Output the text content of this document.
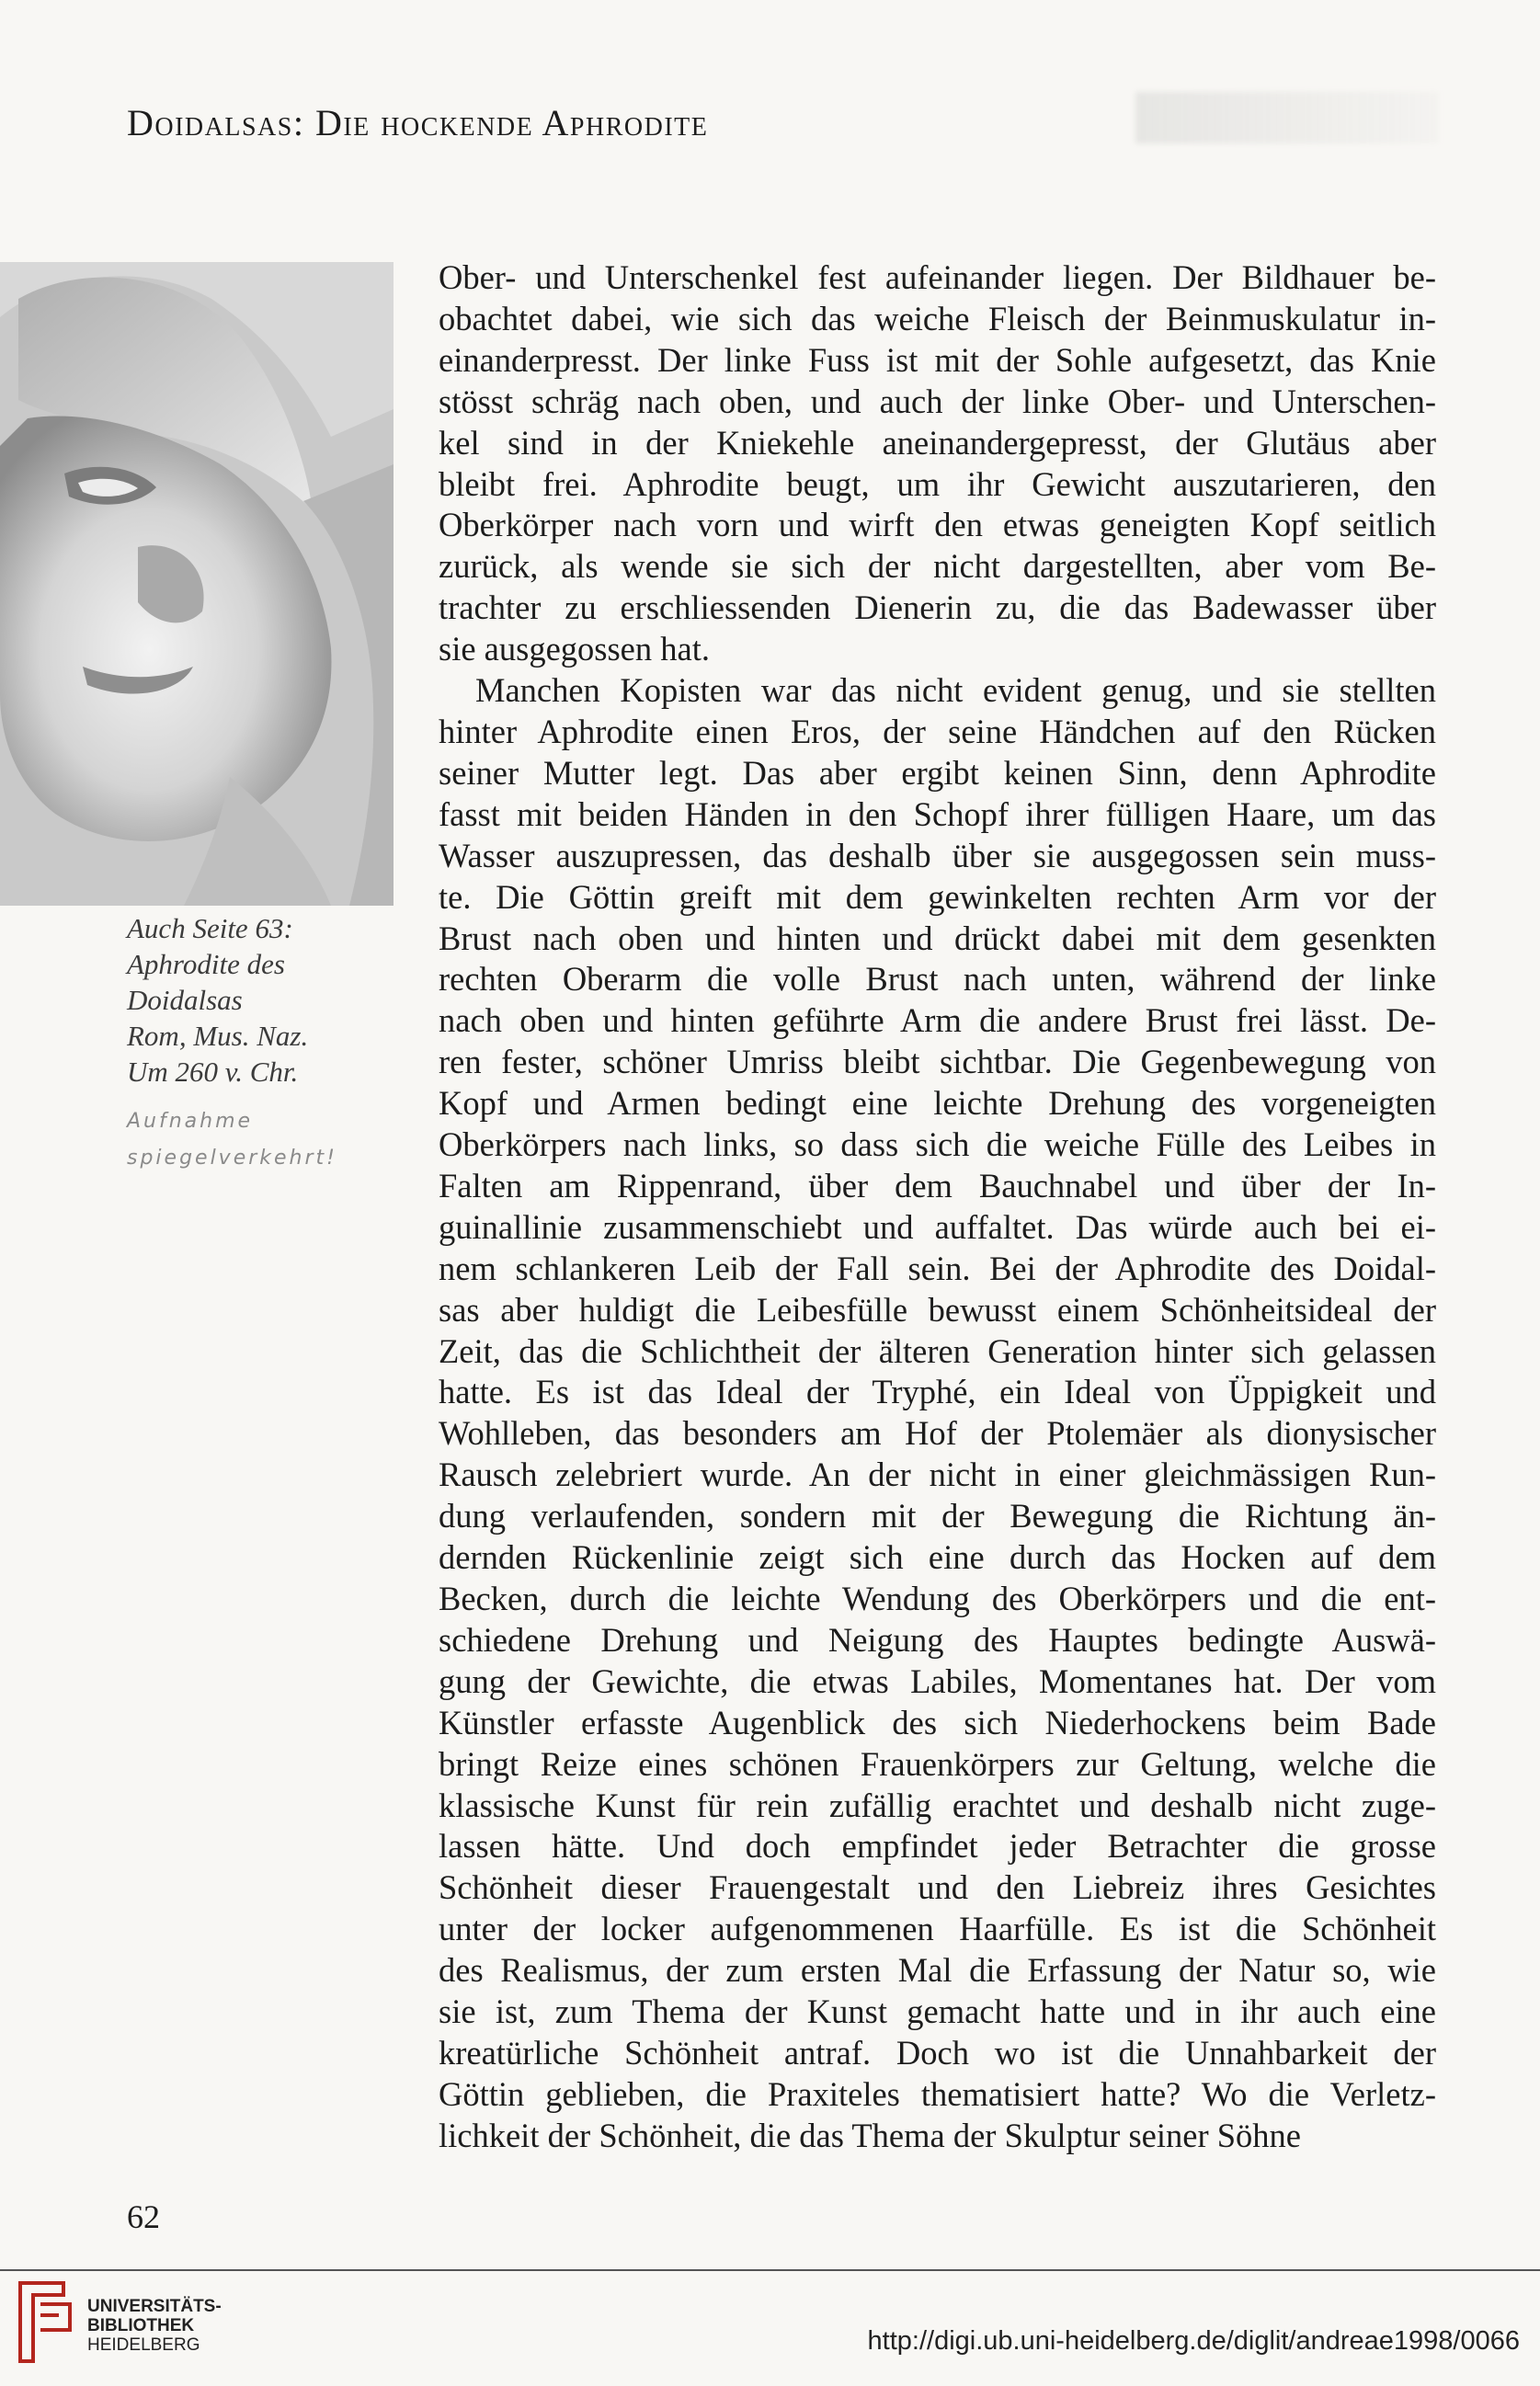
Doidalsas: Die hockende Aphrodite
Auch Seite 63:
Aphrodite des
Doidalsas
Rom, Mus. Naz.
Um 260 v. Chr.
Aufnahme
spiegelverkehrt!
Ober- und Unterschenkel fest aufeinander liegen. Der Bildhauer be-
obachtet dabei, wie sich das weiche Fleisch der Beinmuskulatur in-
einanderpresst. Der linke Fuss ist mit der Sohle aufgesetzt, das Knie
stösst schräg nach oben, und auch der linke Ober- und Unterschen-
kel sind in der Kniekehle aneinandergepresst, der Glutäus aber
bleibt frei. Aphrodite beugt, um ihr Gewicht auszutarieren, den
Oberkörper nach vorn und wirft den etwas geneigten Kopf seitlich
zurück, als wende sie sich der nicht dargestellten, aber vom Be-
trachter zu erschliessenden Dienerin zu, die das Badewasser über
sie ausgegossen hat.
Manchen Kopisten war das nicht evident genug, und sie stellten
hinter Aphrodite einen Eros, der seine Händchen auf den Rücken
seiner Mutter legt. Das aber ergibt keinen Sinn, denn Aphrodite
fasst mit beiden Händen in den Schopf ihrer fülligen Haare, um das
Wasser auszupressen, das deshalb über sie ausgegossen sein muss-
te. Die Göttin greift mit dem gewinkelten rechten Arm vor der
Brust nach oben und hinten und drückt dabei mit dem gesenkten
rechten Oberarm die volle Brust nach unten, während der linke
nach oben und hinten geführte Arm die andere Brust frei lässt. De-
ren fester, schöner Umriss bleibt sichtbar. Die Gegenbewegung von
Kopf und Armen bedingt eine leichte Drehung des vorgeneigten
Oberkörpers nach links, so dass sich die weiche Fülle des Leibes in
Falten am Rippenrand, über dem Bauchnabel und über der In-
guinallinie zusammenschiebt und auffaltet. Das würde auch bei ei-
nem schlankeren Leib der Fall sein. Bei der Aphrodite des Doidal-
sas aber huldigt die Leibesfülle bewusst einem Schönheitsideal der
Zeit, das die Schlichtheit der älteren Generation hinter sich gelassen
hatte. Es ist das Ideal der Tryphé, ein Ideal von Üppigkeit und
Wohlleben, das besonders am Hof der Ptolemäer als dionysischer
Rausch zelebriert wurde. An der nicht in einer gleichmässigen Run-
dung verlaufenden, sondern mit der Bewegung die Richtung än-
dernden Rückenlinie zeigt sich eine durch das Hocken auf dem
Becken, durch die leichte Wendung des Oberkörpers und die ent-
schiedene Drehung und Neigung des Hauptes bedingte Auswä-
gung der Gewichte, die etwas Labiles, Momentanes hat. Der vom
Künstler erfasste Augenblick des sich Niederhockens beim Bade
bringt Reize eines schönen Frauenkörpers zur Geltung, welche die
klassische Kunst für rein zufällig erachtet und deshalb nicht zuge-
lassen hätte. Und doch empfindet jeder Betrachter die grosse
Schönheit dieser Frauengestalt und den Liebreiz ihres Gesichtes
unter der locker aufgenommenen Haarfülle. Es ist die Schönheit
des Realismus, der zum ersten Mal die Erfassung der Natur so, wie
sie ist, zum Thema der Kunst gemacht hatte und in ihr auch eine
kreatürliche Schönheit antraf. Doch wo ist die Unnahbarkeit der
Göttin geblieben, die Praxiteles thematisiert hatte? Wo die Verletz-
lichkeit der Schönheit, die das Thema der Skulptur seiner Söhne
62
UNIVERSITÄTS-
BIBLIOTHEK
HEIDELBERG	http://digi.ub.uni-heidelberg.de/diglit/andreae1998/0066
